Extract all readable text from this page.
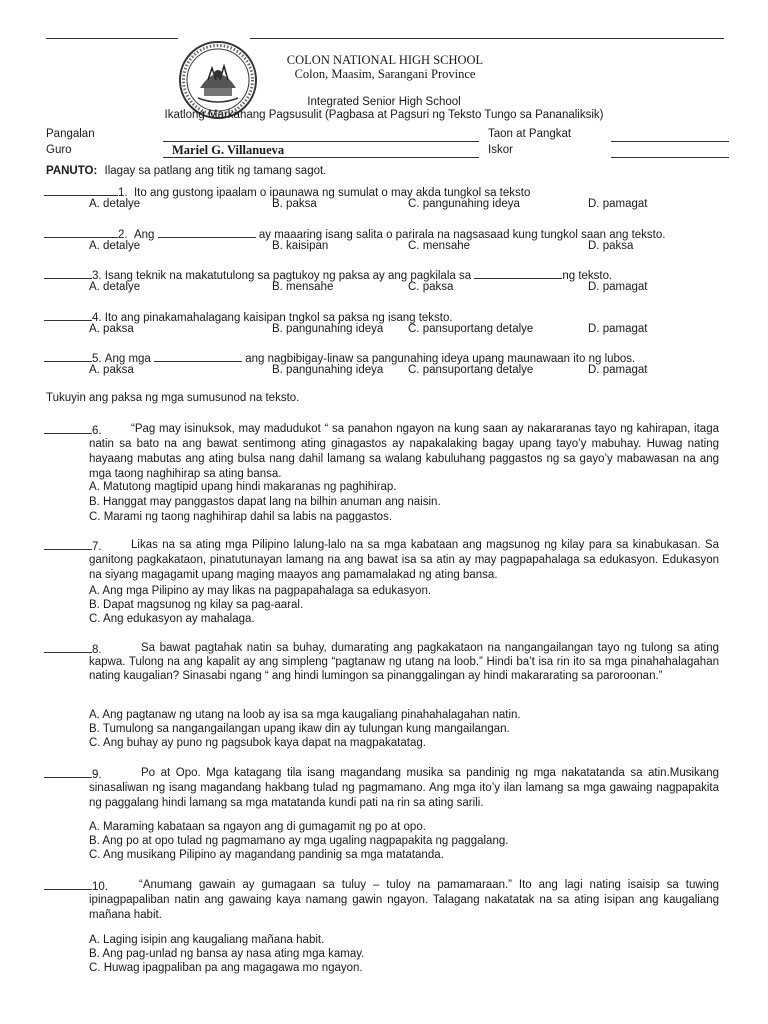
COLON NATIONAL HIGH SCHOOL
Colon, Maasim, Sarangani Province
Integrated Senior High School
Ikatlong Markahang Pagsusulit (Pagbasa at Pagsuri ng Teksto Tungo sa Pananaliksik)
Pangalan	Taon at Pangkat
Guro	Mariel G. Villanueva	Iskor
PANUTO: Ilagay sa patlang ang titik ng tamang sagot.
1. Ito ang gustong ipaalam o ipaunawa ng sumulat o may akda tungkol sa teksto
A. detalye	B. paksa	C. pangunahing ideya	D. pamagat
2. Ang	ay maaaring isang salita o parirala na nagsasaad kung tungkol saan ang teksto.
A. detalye	B. kaisipan	C. mensahe	D. paksa
3. Isang teknik na makatutulong sa pagtukoy ng paksa ay ang pagkilala sa	ng teksto.
A. detalye	B. mensahe	C. paksa	D. pamagat
4. Ito ang pinakamahalagang kaisipan tngkol sa paksa ng isang teksto.
A. paksa	B. pangunahing ideya C. pansuportang detalye	D. pamagat
5. Ang mga	ang nagbibigay-linaw sa pangunahing ideya upang maunawaan ito ng lubos.
A. paksa	B. pangunahing ideya C. pansuportang detalye	D. pamagat
Tukuyin ang paksa ng mga sumusunod na teksto.
6.	“Pag may isinuksok, may madudukot “ sa panahon ngayon na kung saan ay nakararanas tayo ng kahirapan, itaga natin sa bato na ang bawat sentimong ating ginagastos ay napakalaking bagay upang tayo’y mabuhay. Huwag nating hayaang mabutas ang ating bulsa nang dahil lamang sa walang kabuluhang paggastos ng sa gayo’y mabawasan na ang mga taong naghihirap sa ating bansa.
A. Matutong magtipid upang hindi makaranas ng paghihirap.
B. Hanggat may panggastos dapat lang na bilhin anuman ang naisin.
C. Marami ng taong naghihirap dahil sa labis na paggastos.
7.	Likas na sa ating mga Pilipino lalung-lalo na sa mga kabataan ang magsunog ng kilay para sa kinabukasan. Sa ganitong pagkakataon, pinatutunayan lamang na ang bawat isa sa atin ay may pagpapahalaga sa edukasyon. Edukasyon na siyang magagamit upang maging maayos ang pamamalakad ng ating bansa.
A. Ang mga Pilipino ay may likas na pagpapahalaga sa edukasyon.
B. Dapat magsunog ng kilay sa pag-aaral.
C. Ang edukasyon ay mahalaga.
8.	Sa bawat pagtahak natin sa buhay, dumarating ang pagkakataon na nangangailangan tayo ng tulong sa ating kapwa. Tulong na ang kapalit ay ang simpleng “pagtanaw ng utang na loob.” Hindi ba’t isa rin ito sa mga pinahahalagahan nating kaugalian? Sinasabi ngang “ ang hindi lumingon sa pinanggalingan ay hindi makararating sa paroroonan.”
A. Ang pagtanaw ng utang na loob ay isa sa mga kaugaliang pinahahalagahan natin.
B. Tumulong sa nangangailangan upang ikaw din ay tulungan kung mangailangan.
C. Ang buhay ay puno ng pagsubok kaya dapat na magpakatatag.
9.	Po at Opo. Mga katagang tila isang magandang musika sa pandinig ng mga nakatatanda sa atin.Musikang sinasaliwan ng isang magandang hakbang tulad ng pagmamano. Ang mga ito’y ilan lamang sa mga gawaing nagpapakita ng paggalang hindi lamang sa mga matatanda kundi pati na rin sa ating sarili.
A. Maraming kabataan sa ngayon ang di gumagamit ng po at opo.
B. Ang po at opo tulad ng pagmamano ay mga ugaling nagpapakita ng paggalang.
C. Ang musikang Pilipino ay magandang pandinig sa mga matatanda.
10.	“Anumang gawain ay gumagaan sa tuluy – tuloy na pamamaraan.” Ito ang lagi nating isaisip sa tuwing ipinagpapaliban natin ang gawaing kaya namang gawin ngayon. Talagang nakatatak na sa ating isipan ang kaugaliang mañana habit.
A. Laging isipin ang kaugaliang mañana habit.
B. Ang pag-unlad ng bansa ay nasa ating mga kamay.
C. Huwag ipagpaliban pa ang magagawa mo ngayon.
